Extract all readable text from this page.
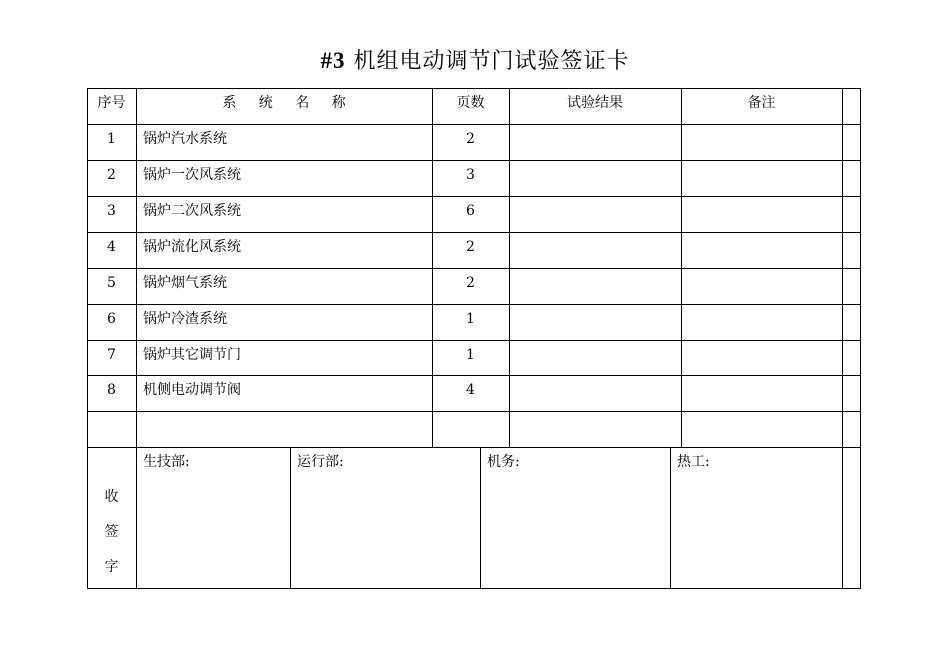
#3 机组电动调节门试验签证卡
序号	系 统 名 称	页数	试验结果	备注
1	锅炉汽水系统	2
2	锅炉一次风系统	3
3	锅炉二次风系统	6
4	锅炉流化风系统	2
5	锅炉烟气系统	2
6	锅炉冷渣系统	1
7	锅炉其它调节门	1
8	机侧电动调节阀	4
收
签
字
生技部:	运行部:	机务:	热工:
